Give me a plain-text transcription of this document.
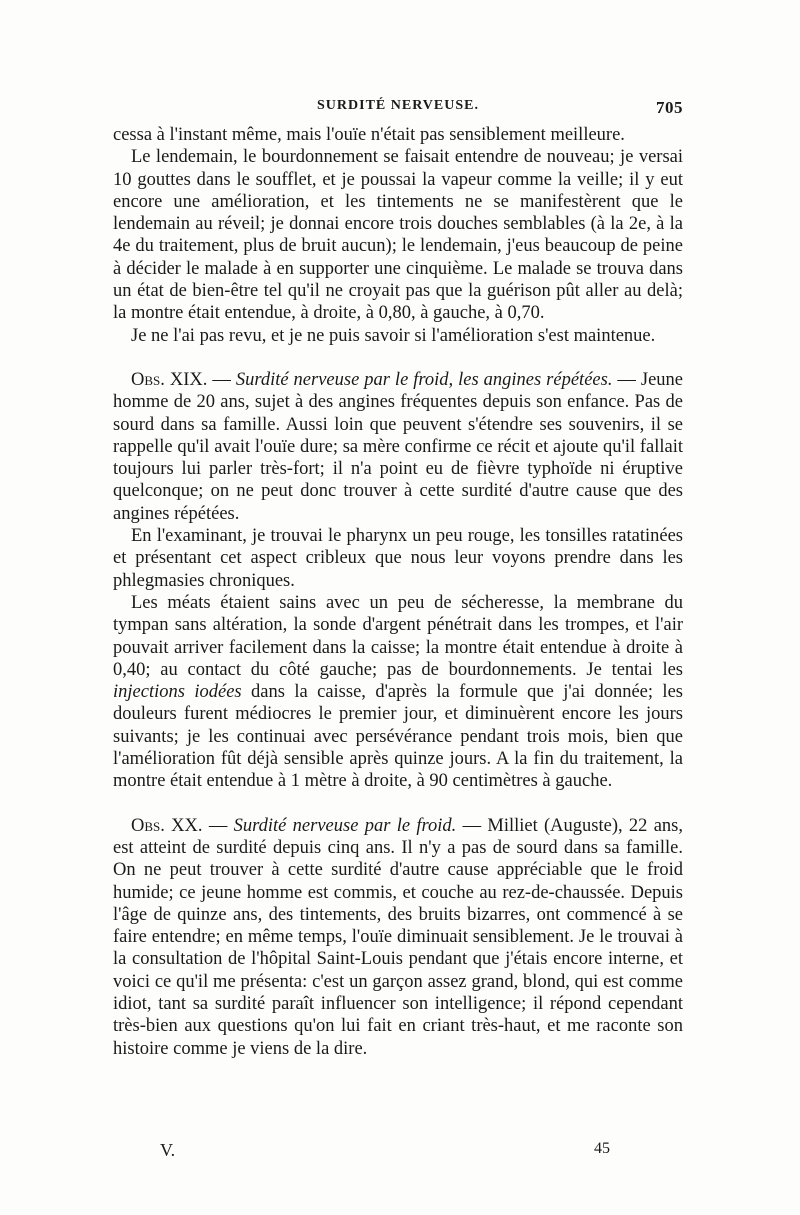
SURDITÉ NERVEUSE.	705

cessa à l'instant même, mais l'ouïe n'était pas sensiblement meilleure.

Le lendemain, le bourdonnement se faisait entendre de nouveau; je versai 10 gouttes dans le soufflet, et je poussai la vapeur comme la veille; il y eut encore une amélioration, et les tintements ne se manifestèrent que le lendemain au réveil; je donnai encore trois douches semblables (à la 2e, à la 4e du traitement, plus de bruit aucun); le lendemain, j'eus beaucoup de peine à décider le malade à en supporter une cinquième. Le malade se trouva dans un état de bien-être tel qu'il ne croyait pas que la guérison pût aller au delà; la montre était entendue, à droite, à 0,80, à gauche, à 0,70.

Je ne l'ai pas revu, et je ne puis savoir si l'amélioration s'est maintenue.

Obs. XIX. — Surdité nerveuse par le froid, les angines répétées. — Jeune homme de 20 ans, sujet à des angines fréquentes depuis son enfance. Pas de sourd dans sa famille. Aussi loin que peuvent s'étendre ses souvenirs, il se rappelle qu'il avait l'ouïe dure; sa mère confirme ce récit et ajoute qu'il fallait toujours lui parler très-fort; il n'a point eu de fièvre typhoïde ni éruptive quelconque; on ne peut donc trouver à cette surdité d'autre cause que des angines répétées.

En l'examinant, je trouvai le pharynx un peu rouge, les tonsilles ratatinées et présentant cet aspect cribleux que nous leur voyons prendre dans les phlegmasies chroniques.

Les méats étaient sains avec un peu de sécheresse, la membrane du tympan sans altération, la sonde d'argent pénétrait dans les trompes, et l'air pouvait arriver facilement dans la caisse; la montre était entendue à droite à 0,40; au contact du côté gauche; pas de bourdonnements. Je tentai les injections iodées dans la caisse, d'après la formule que j'ai donnée; les douleurs furent médiocres le premier jour, et diminuèrent encore les jours suivants; je les continuai avec persévérance pendant trois mois, bien que l'amélioration fût déjà sensible après quinze jours. A la fin du traitement, la montre était entendue à 1 mètre à droite, à 90 centimètres à gauche.

Obs. XX. — Surdité nerveuse par le froid. — Milliet (Auguste), 22 ans, est atteint de surdité depuis cinq ans. Il n'y a pas de sourd dans sa famille. On ne peut trouver à cette surdité d'autre cause appréciable que le froid humide; ce jeune homme est commis, et couche au rez-de-chaussée. Depuis l'âge de quinze ans, des tintements, des bruits bizarres, ont commencé à se faire entendre; en même temps, l'ouïe diminuait sensiblement. Je le trouvai à la consultation de l'hôpital Saint-Louis pendant que j'étais encore interne, et voici ce qu'il me présenta: c'est un garçon assez grand, blond, qui est comme idiot, tant sa surdité paraît influencer son intelligence; il répond cependant très-bien aux questions qu'on lui fait en criant très-haut, et me raconte son histoire comme je viens de la dire.

V.	45
